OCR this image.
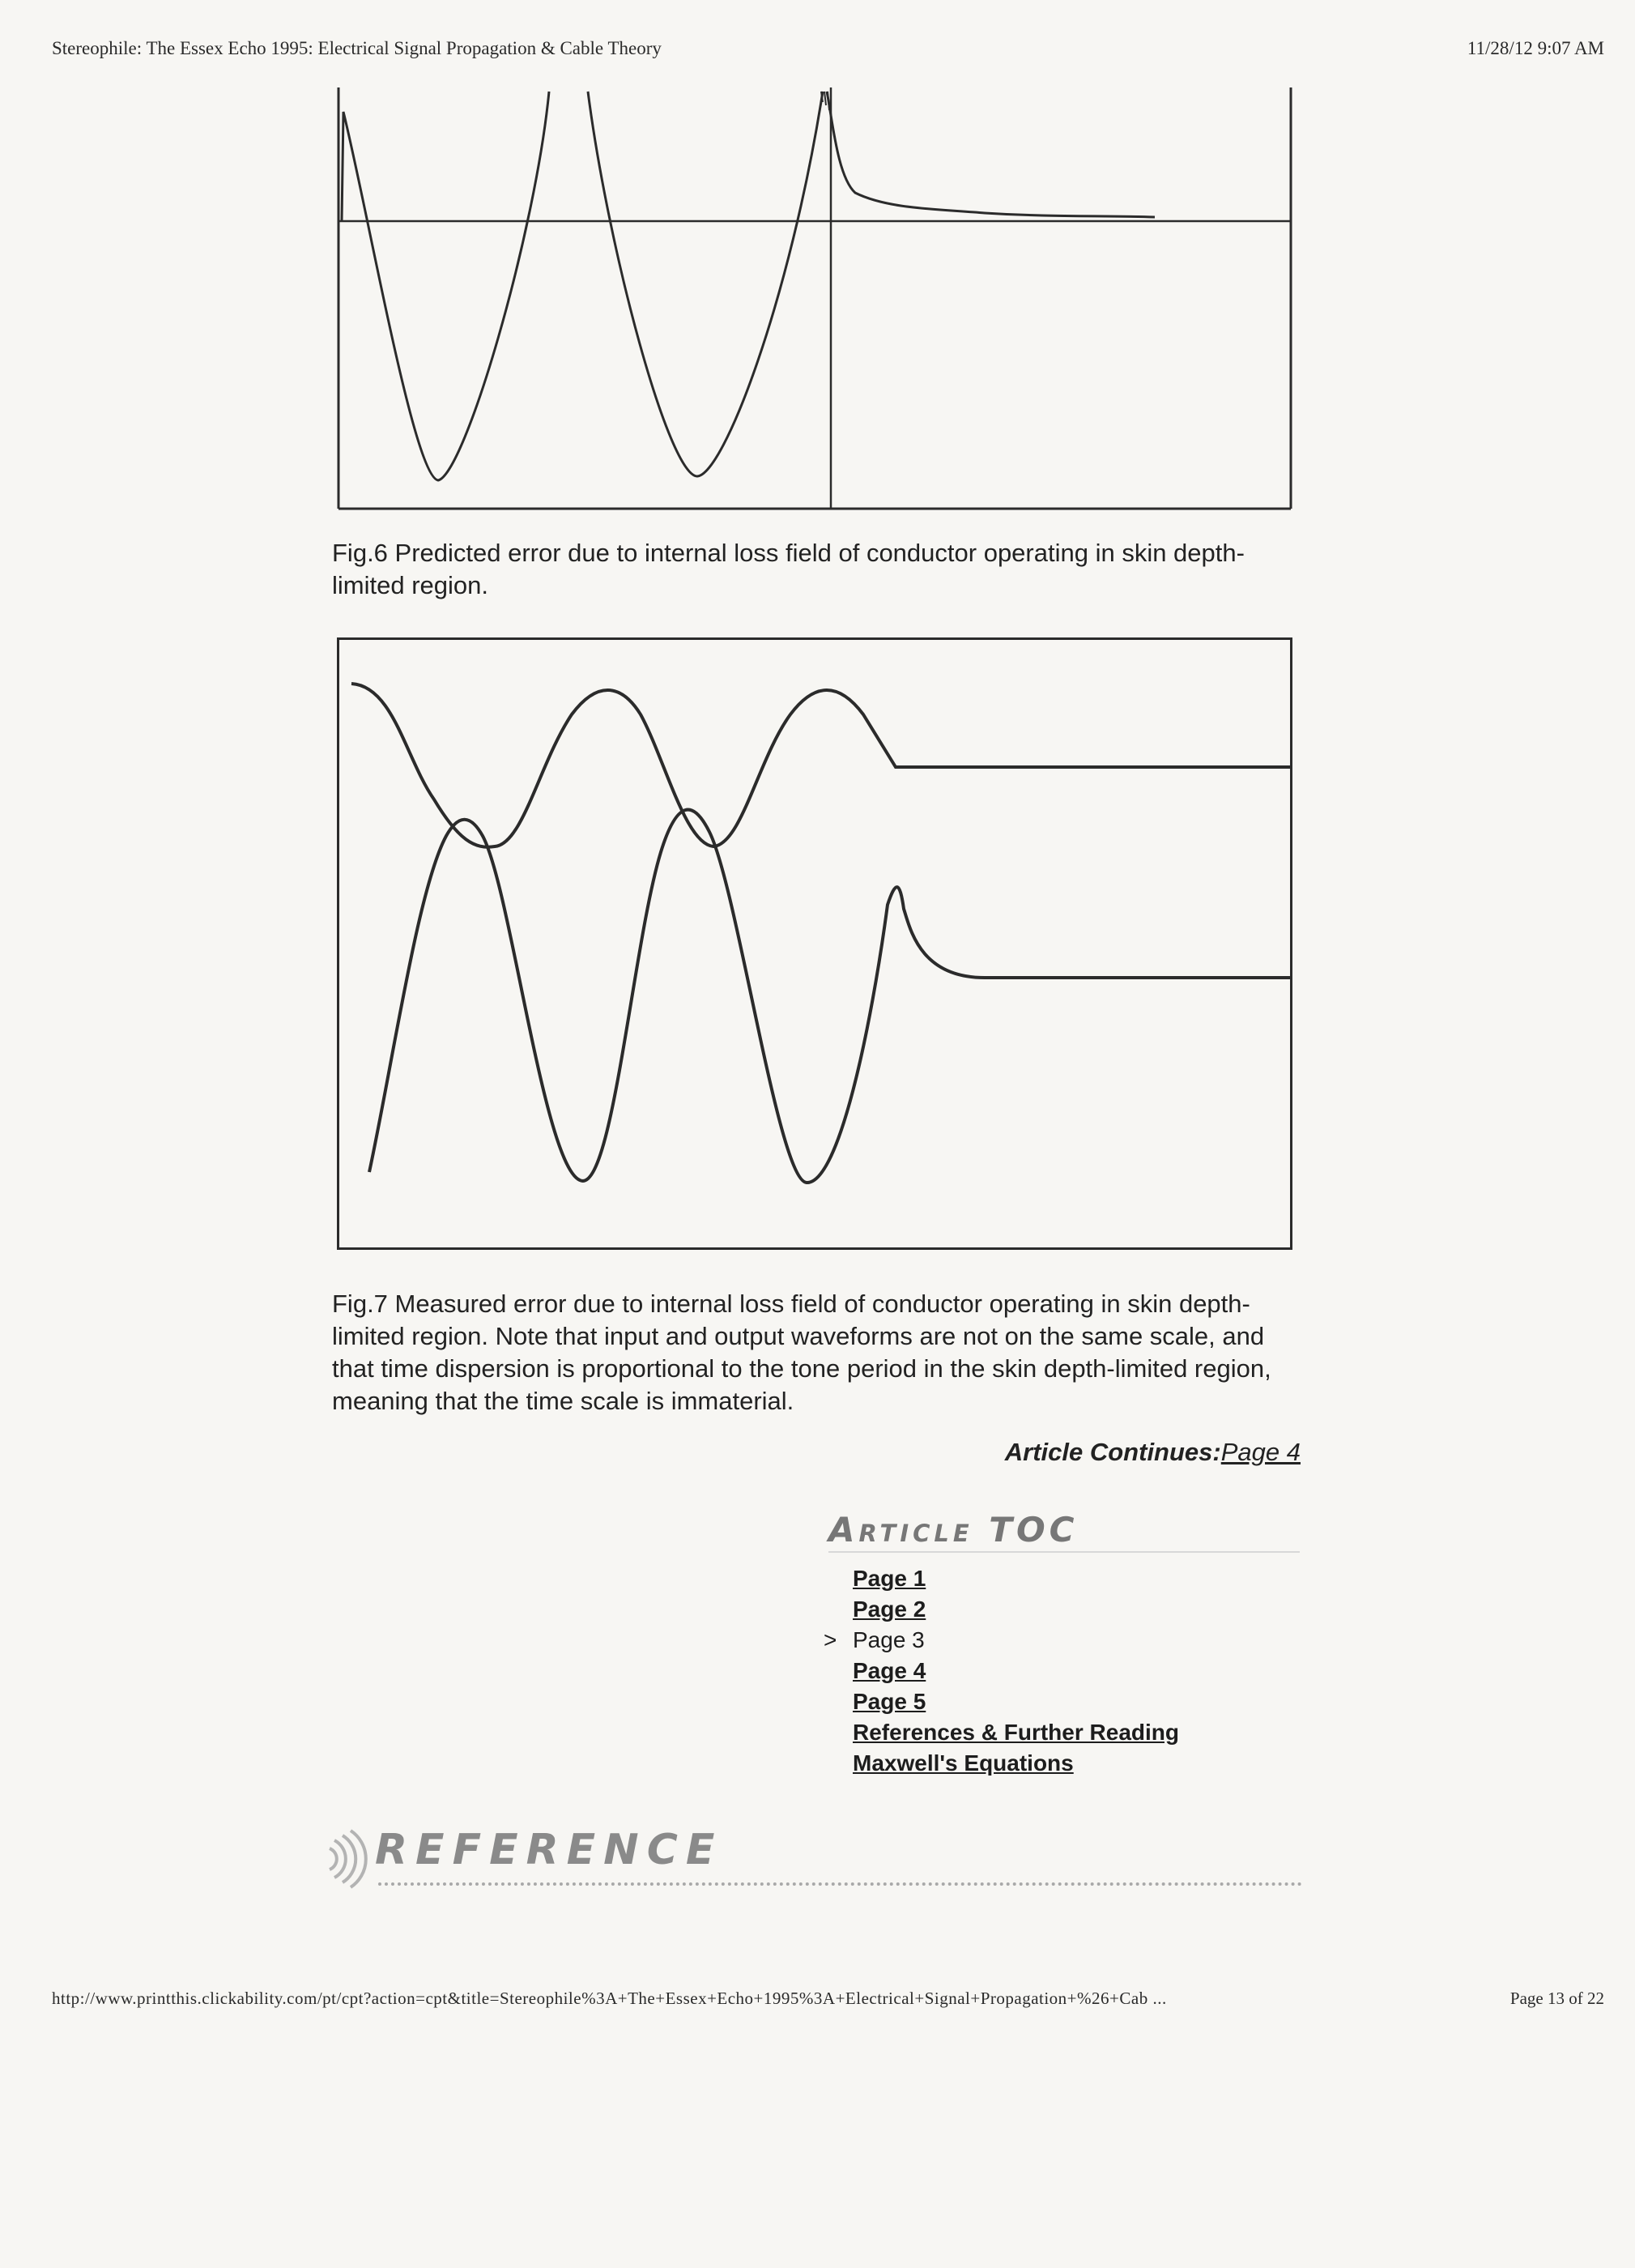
Stereophile: The Essex Echo 1995: Electrical Signal Propagation & Cable Theory	11/28/12 9:07 AM
Fig.6 Predicted error due to internal loss field of conductor operating in skin depth-limited region.
Fig.7 Measured error due to internal loss field of conductor operating in skin depth-limited region. Note that input and output waveforms are not on the same scale, and that time dispersion is proportional to the tone period in the skin depth-limited region, meaning that the time scale is immaterial.
Article Continues:Page 4
Article TOC
Page 1
Page 2
> Page 3
Page 4
Page 5
References & Further Reading
Maxwell's Equations
REFERENCE
http://www.printthis.clickability.com/pt/cpt?action=cpt&title=Stereophile%3A+The+Essex+Echo+1995%3A+Electrical+Signal+Propagation+%26+Cab ...	Page 13 of 22
